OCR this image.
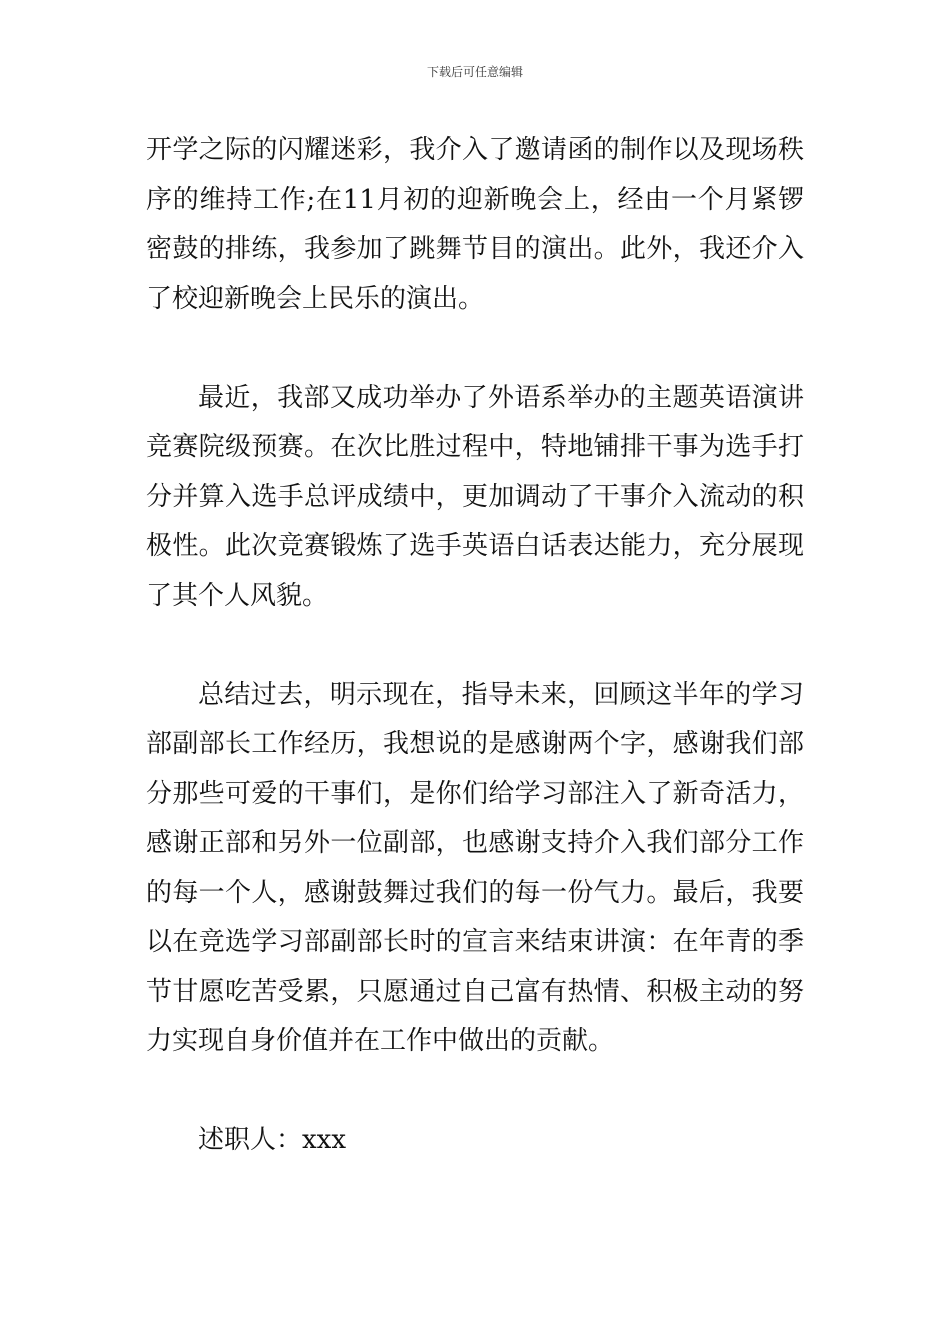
下载后可任意编辑

开学之际的闪耀迷彩，我介入了邀请函的制作以及现场秩序的维持工作;在11月初的迎新晚会上，经由一个月紧锣密鼓的排练，我参加了跳舞节目的演出。此外，我还介入了校迎新晚会上民乐的演出。

最近，我部又成功举办了外语系举办的主题英语演讲竞赛院级预赛。在次比胜过程中，特地铺排干事为选手打分并算入选手总评成绩中，更加调动了干事介入流动的积极性。此次竞赛锻炼了选手英语白话表达能力，充分展现了其个人风貌。

总结过去，明示现在，指导未来，回顾这半年的学习部副部长工作经历，我想说的是感谢两个字，感谢我们部分那些可爱的干事们，是你们给学习部注入了新奇活力，感谢正部和另外一位副部，也感谢支持介入我们部分工作的每一个人，感谢鼓舞过我们的每一份气力。最后，我要以在竞选学习部副部长时的宣言来结束讲演：在年青的季节甘愿吃苦受累，只愿通过自己富有热情、积极主动的努力实现自身价值并在工作中做出的贡献。

述职人：xxx
